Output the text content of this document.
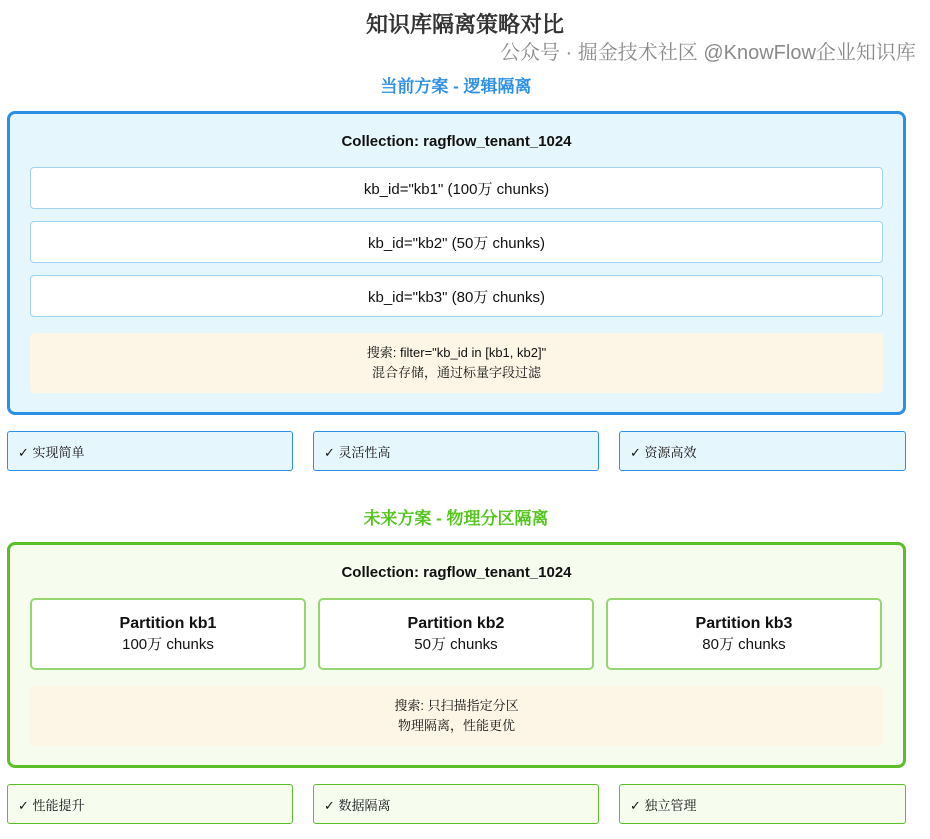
知识库隔离策略对比
公众号 · 掘金技术社区 @KnowFlow企业知识库
当前方案 - 逻辑隔离
Collection: ragflow_tenant_1024
kb_id="kb1" (100万 chunks)
kb_id="kb2" (50万 chunks)
kb_id="kb3" (80万 chunks)
搜索: filter="kb_id in [kb1, kb2]"
混合存储，通过标量字段过滤
✓ 实现简单	✓ 灵活性高	✓ 资源高效
未来方案 - 物理分区隔离
Collection: ragflow_tenant_1024
Partition kb1
100万 chunks
Partition kb2
50万 chunks
Partition kb3
80万 chunks
搜索: 只扫描指定分区
物理隔离，性能更优
✓ 性能提升	✓ 数据隔离	✓ 独立管理
